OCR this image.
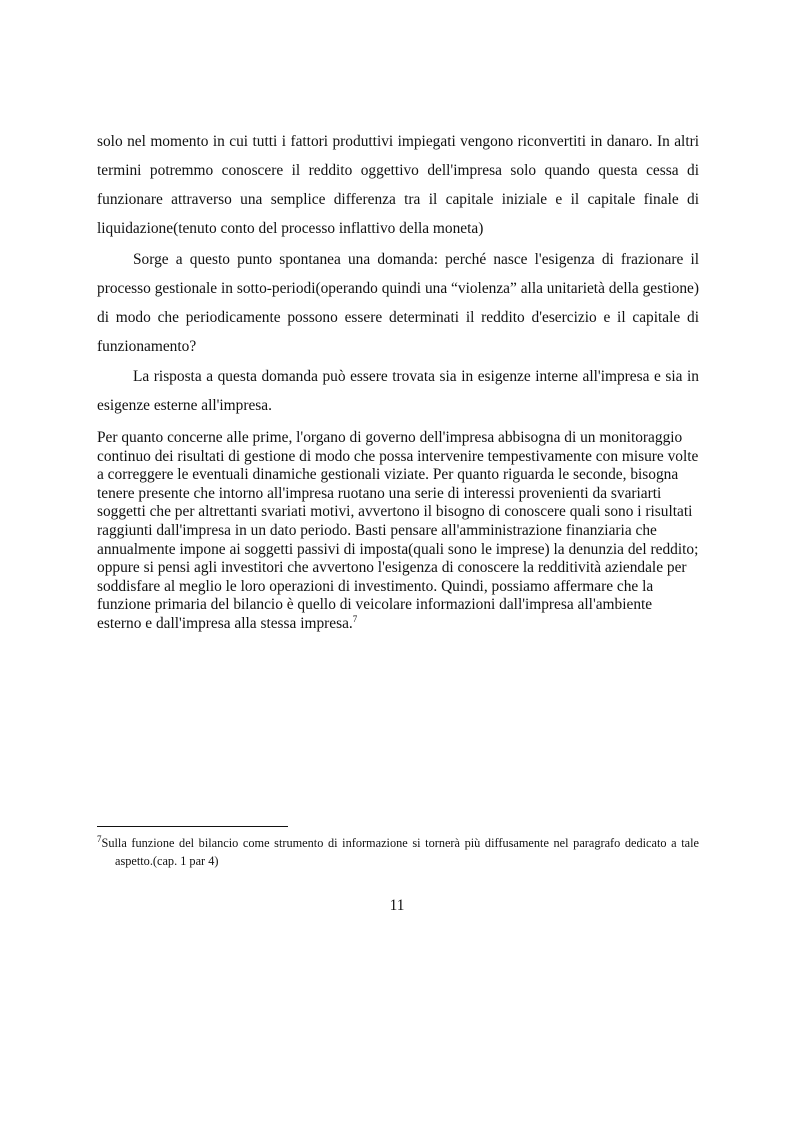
solo nel momento in cui tutti i fattori produttivi impiegati vengono riconvertiti in danaro. In altri termini potremmo conoscere il reddito oggettivo dell'impresa solo quando questa cessa di funzionare attraverso una semplice differenza tra il capitale iniziale e il capitale finale di liquidazione(tenuto conto del processo inflattivo della moneta)

Sorge a questo punto spontanea una domanda: perché nasce l'esigenza di frazionare il processo gestionale in sotto-periodi(operando quindi una “violenza” alla unitarietà della gestione) di modo che periodicamente possono essere determinati il reddito d'esercizio e il capitale di funzionamento?

La risposta a questa domanda può essere trovata sia in esigenze interne all'impresa e sia in esigenze esterne all'impresa.

Per quanto concerne alle prime, l'organo di governo dell'impresa abbisogna di un monitoraggio continuo dei risultati di gestione di modo che possa intervenire tempestivamente con misure volte a correggere le eventuali dinamiche gestionali viziate. Per quanto riguarda le seconde, bisogna tenere presente che intorno all'impresa ruotano una serie di interessi provenienti da svariarti soggetti che per altrettanti svariati motivi, avvertono il bisogno di conoscere quali sono i risultati raggiunti dall'impresa in un dato periodo. Basti pensare all'amministrazione finanziaria che annualmente impone ai soggetti passivi di imposta(quali sono le imprese) la denunzia del reddito; oppure si pensi agli investitori che avvertono l'esigenza di conoscere la redditività aziendale per soddisfare al meglio le loro operazioni di investimento. Quindi, possiamo affermare che la funzione primaria del bilancio è quello di veicolare informazioni dall'impresa all'ambiente esterno e dall'impresa alla stessa impresa.$^7$

$^7$Sulla funzione del bilancio come strumento di informazione si tornerà più diffusamente nel paragrafo dedicato a tale aspetto.(cap. 1 par 4)

11
